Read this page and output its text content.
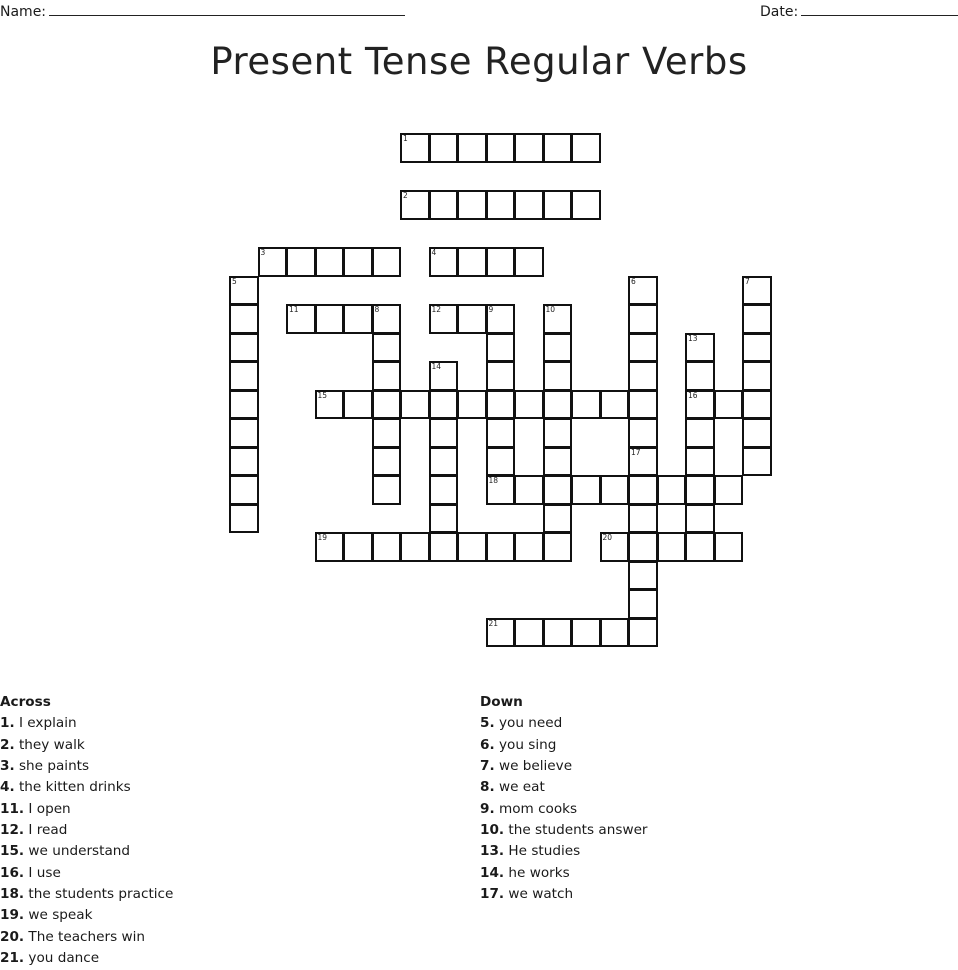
Name:	Date:
Present Tense Regular Verbs
1
2
3	4
11	8	12	9
15	16
18
19	20
21
5	6	7
10
13
14
17
Across
1. I explain
2. they walk
3. she paints
4. the kitten drinks
11. I open
12. I read
15. we understand
16. I use
18. the students practice
19. we speak
20. The teachers win
21. you dance
Down
5. you need
6. you sing
7. we believe
8. we eat
9. mom cooks
10. the students answer
13. He studies
14. he works
17. we watch
